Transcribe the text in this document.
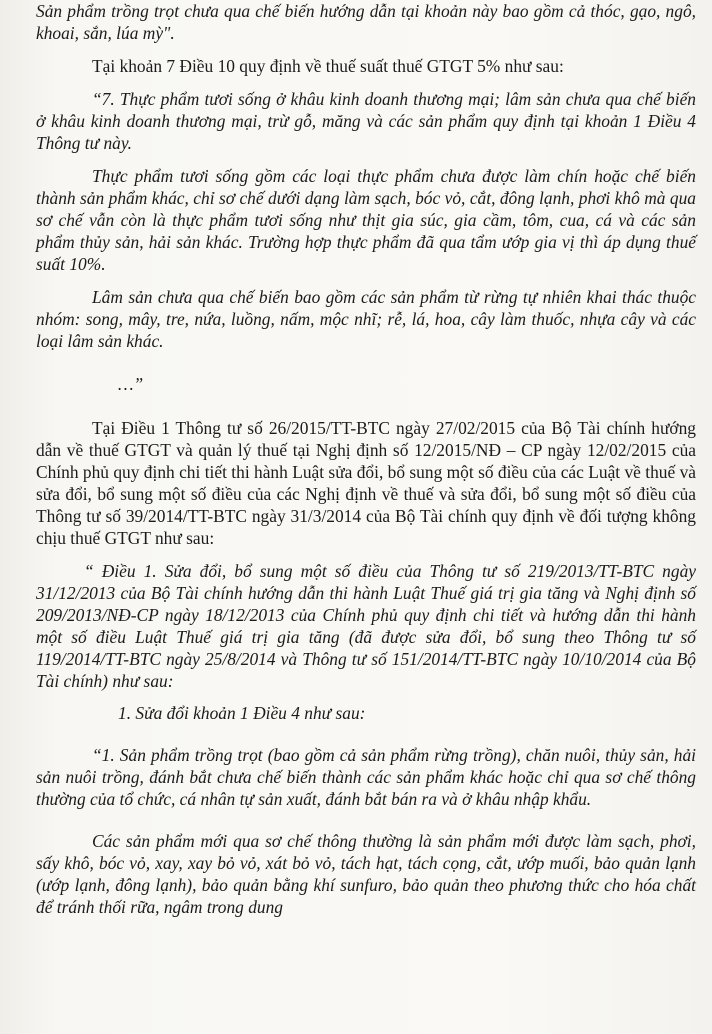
Sản phẩm trồng trọt chưa qua chế biến hướng dẫn tại khoản này bao gồm cả thóc, gạo, ngô, khoai, sắn, lúa mỳ".

Tại khoản 7 Điều 10 quy định về thuế suất thuế GTGT 5% như sau:

“7. Thực phẩm tươi sống ở khâu kinh doanh thương mại; lâm sản chưa qua chế biến ở khâu kinh doanh thương mại, trừ gỗ, măng và các sản phẩm quy định tại khoản 1 Điều 4 Thông tư này.

Thực phẩm tươi sống gồm các loại thực phẩm chưa được làm chín hoặc chế biến thành sản phẩm khác, chỉ sơ chế dưới dạng làm sạch, bóc vỏ, cắt, đông lạnh, phơi khô mà qua sơ chế vẫn còn là thực phẩm tươi sống như thịt gia súc, gia cầm, tôm, cua, cá và các sản phẩm thủy sản, hải sản khác. Trường hợp thực phẩm đã qua tẩm ướp gia vị thì áp dụng thuế suất 10%.

Lâm sản chưa qua chế biến bao gồm các sản phẩm từ rừng tự nhiên khai thác thuộc nhóm: song, mây, tre, nứa, luồng, nấm, mộc nhĩ; rễ, lá, hoa, cây làm thuốc, nhựa cây và các loại lâm sản khác.

…”

Tại Điều 1 Thông tư số 26/2015/TT-BTC ngày 27/02/2015 của Bộ Tài chính hướng dẫn về thuế GTGT và quản lý thuế tại Nghị định số 12/2015/NĐ – CP ngày 12/02/2015 của Chính phủ quy định chi tiết thi hành Luật sửa đổi, bổ sung một số điều của các Luật về thuế và sửa đổi, bổ sung một số điều của các Nghị định về thuế và sửa đổi, bổ sung một số điều của Thông tư số 39/2014/TT-BTC ngày 31/3/2014 của Bộ Tài chính quy định về đối tượng không chịu thuế GTGT như sau:

“ Điều 1. Sửa đổi, bổ sung một số điều của Thông tư số 219/2013/TT-BTC ngày 31/12/2013 của Bộ Tài chính hướng dẫn thi hành Luật Thuế giá trị gia tăng và Nghị định số 209/2013/NĐ-CP ngày 18/12/2013 của Chính phủ quy định chi tiết và hướng dẫn thi hành một số điều Luật Thuế giá trị gia tăng (đã được sửa đổi, bổ sung theo Thông tư số 119/2014/TT-BTC ngày 25/8/2014 và Thông tư số 151/2014/TT-BTC ngày 10/10/2014 của Bộ Tài chính) như sau:

1. Sửa đổi khoản 1 Điều 4 như sau:

“1. Sản phẩm trồng trọt (bao gồm cả sản phẩm rừng trồng), chăn nuôi, thủy sản, hải sản nuôi trồng, đánh bắt chưa chế biến thành các sản phẩm khác hoặc chỉ qua sơ chế thông thường của tổ chức, cá nhân tự sản xuất, đánh bắt bán ra và ở khâu nhập khẩu.

Các sản phẩm mới qua sơ chế thông thường là sản phẩm mới được làm sạch, phơi, sấy khô, bóc vỏ, xay, xay bỏ vỏ, xát bỏ vỏ, tách hạt, tách cọng, cắt, ướp muối, bảo quản lạnh (ướp lạnh, đông lạnh), bảo quản bằng khí sunfuro, bảo quản theo phương thức cho hóa chất để tránh thối rữa, ngâm trong dung
